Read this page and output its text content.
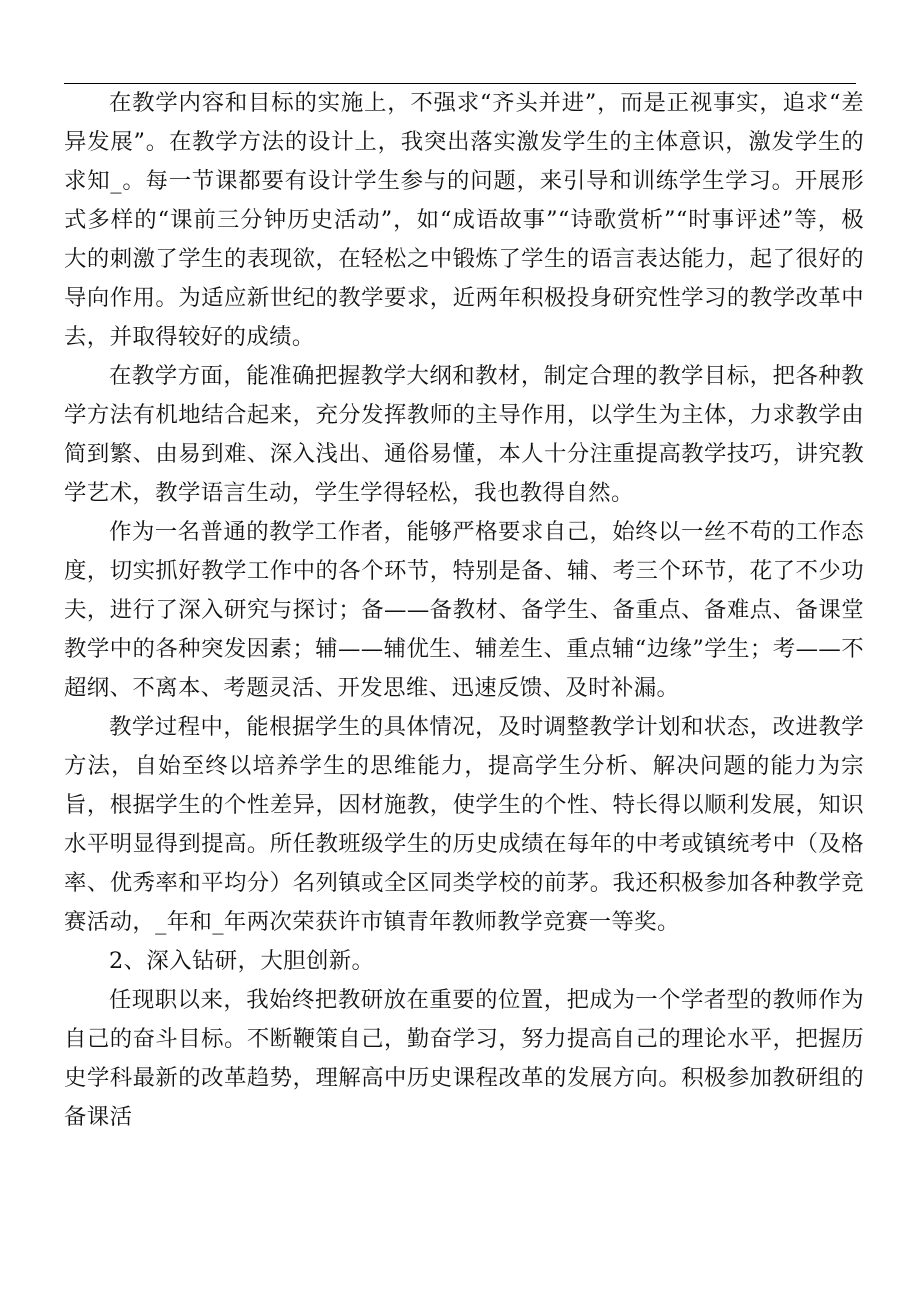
在教学内容和目标的实施上，不强求“齐头并进”，而是正视事实，追求“差异发展”。在教学方法的设计上，我突出落实激发学生的主体意识，激发学生的求知_。每一节课都要有设计学生参与的问题，来引导和训练学生学习。开展形式多样的“课前三分钟历史活动”，如“成语故事”“诗歌赏析”“时事评述”等，极大的刺激了学生的表现欲，在轻松之中锻炼了学生的语言表达能力，起了很好的导向作用。为适应新世纪的教学要求，近两年积极投身研究性学习的教学改革中去，并取得较好的成绩。

在教学方面，能准确把握教学大纲和教材，制定合理的教学目标，把各种教学方法有机地结合起来，充分发挥教师的主导作用，以学生为主体，力求教学由简到繁、由易到难、深入浅出、通俗易懂，本人十分注重提高教学技巧，讲究教学艺术，教学语言生动，学生学得轻松，我也教得自然。

作为一名普通的教学工作者，能够严格要求自己，始终以一丝不苟的工作态度，切实抓好教学工作中的各个环节，特别是备、辅、考三个环节，花了不少功夫，进行了深入研究与探讨；备——备教材、备学生、备重点、备难点、备课堂教学中的各种突发因素；辅——辅优生、辅差生、重点辅“边缘”学生；考——不超纲、不离本、考题灵活、开发思维、迅速反馈、及时补漏。

教学过程中，能根据学生的具体情况，及时调整教学计划和状态，改进教学方法，自始至终以培养学生的思维能力，提高学生分析、解决问题的能力为宗旨，根据学生的个性差异，因材施教，使学生的个性、特长得以顺利发展，知识水平明显得到提高。所任教班级学生的历史成绩在每年的中考或镇统考中（及格率、优秀率和平均分）名列镇或全区同类学校的前茅。我还积极参加各种教学竞赛活动，_年和_年两次荣获许市镇青年教师教学竞赛一等奖。

2、深入钻研，大胆创新。

任现职以来，我始终把教研放在重要的位置，把成为一个学者型的教师作为自己的奋斗目标。不断鞭策自己，勤奋学习，努力提高自己的理论水平，把握历史学科最新的改革趋势，理解高中历史课程改革的发展方向。积极参加教研组的备课活
